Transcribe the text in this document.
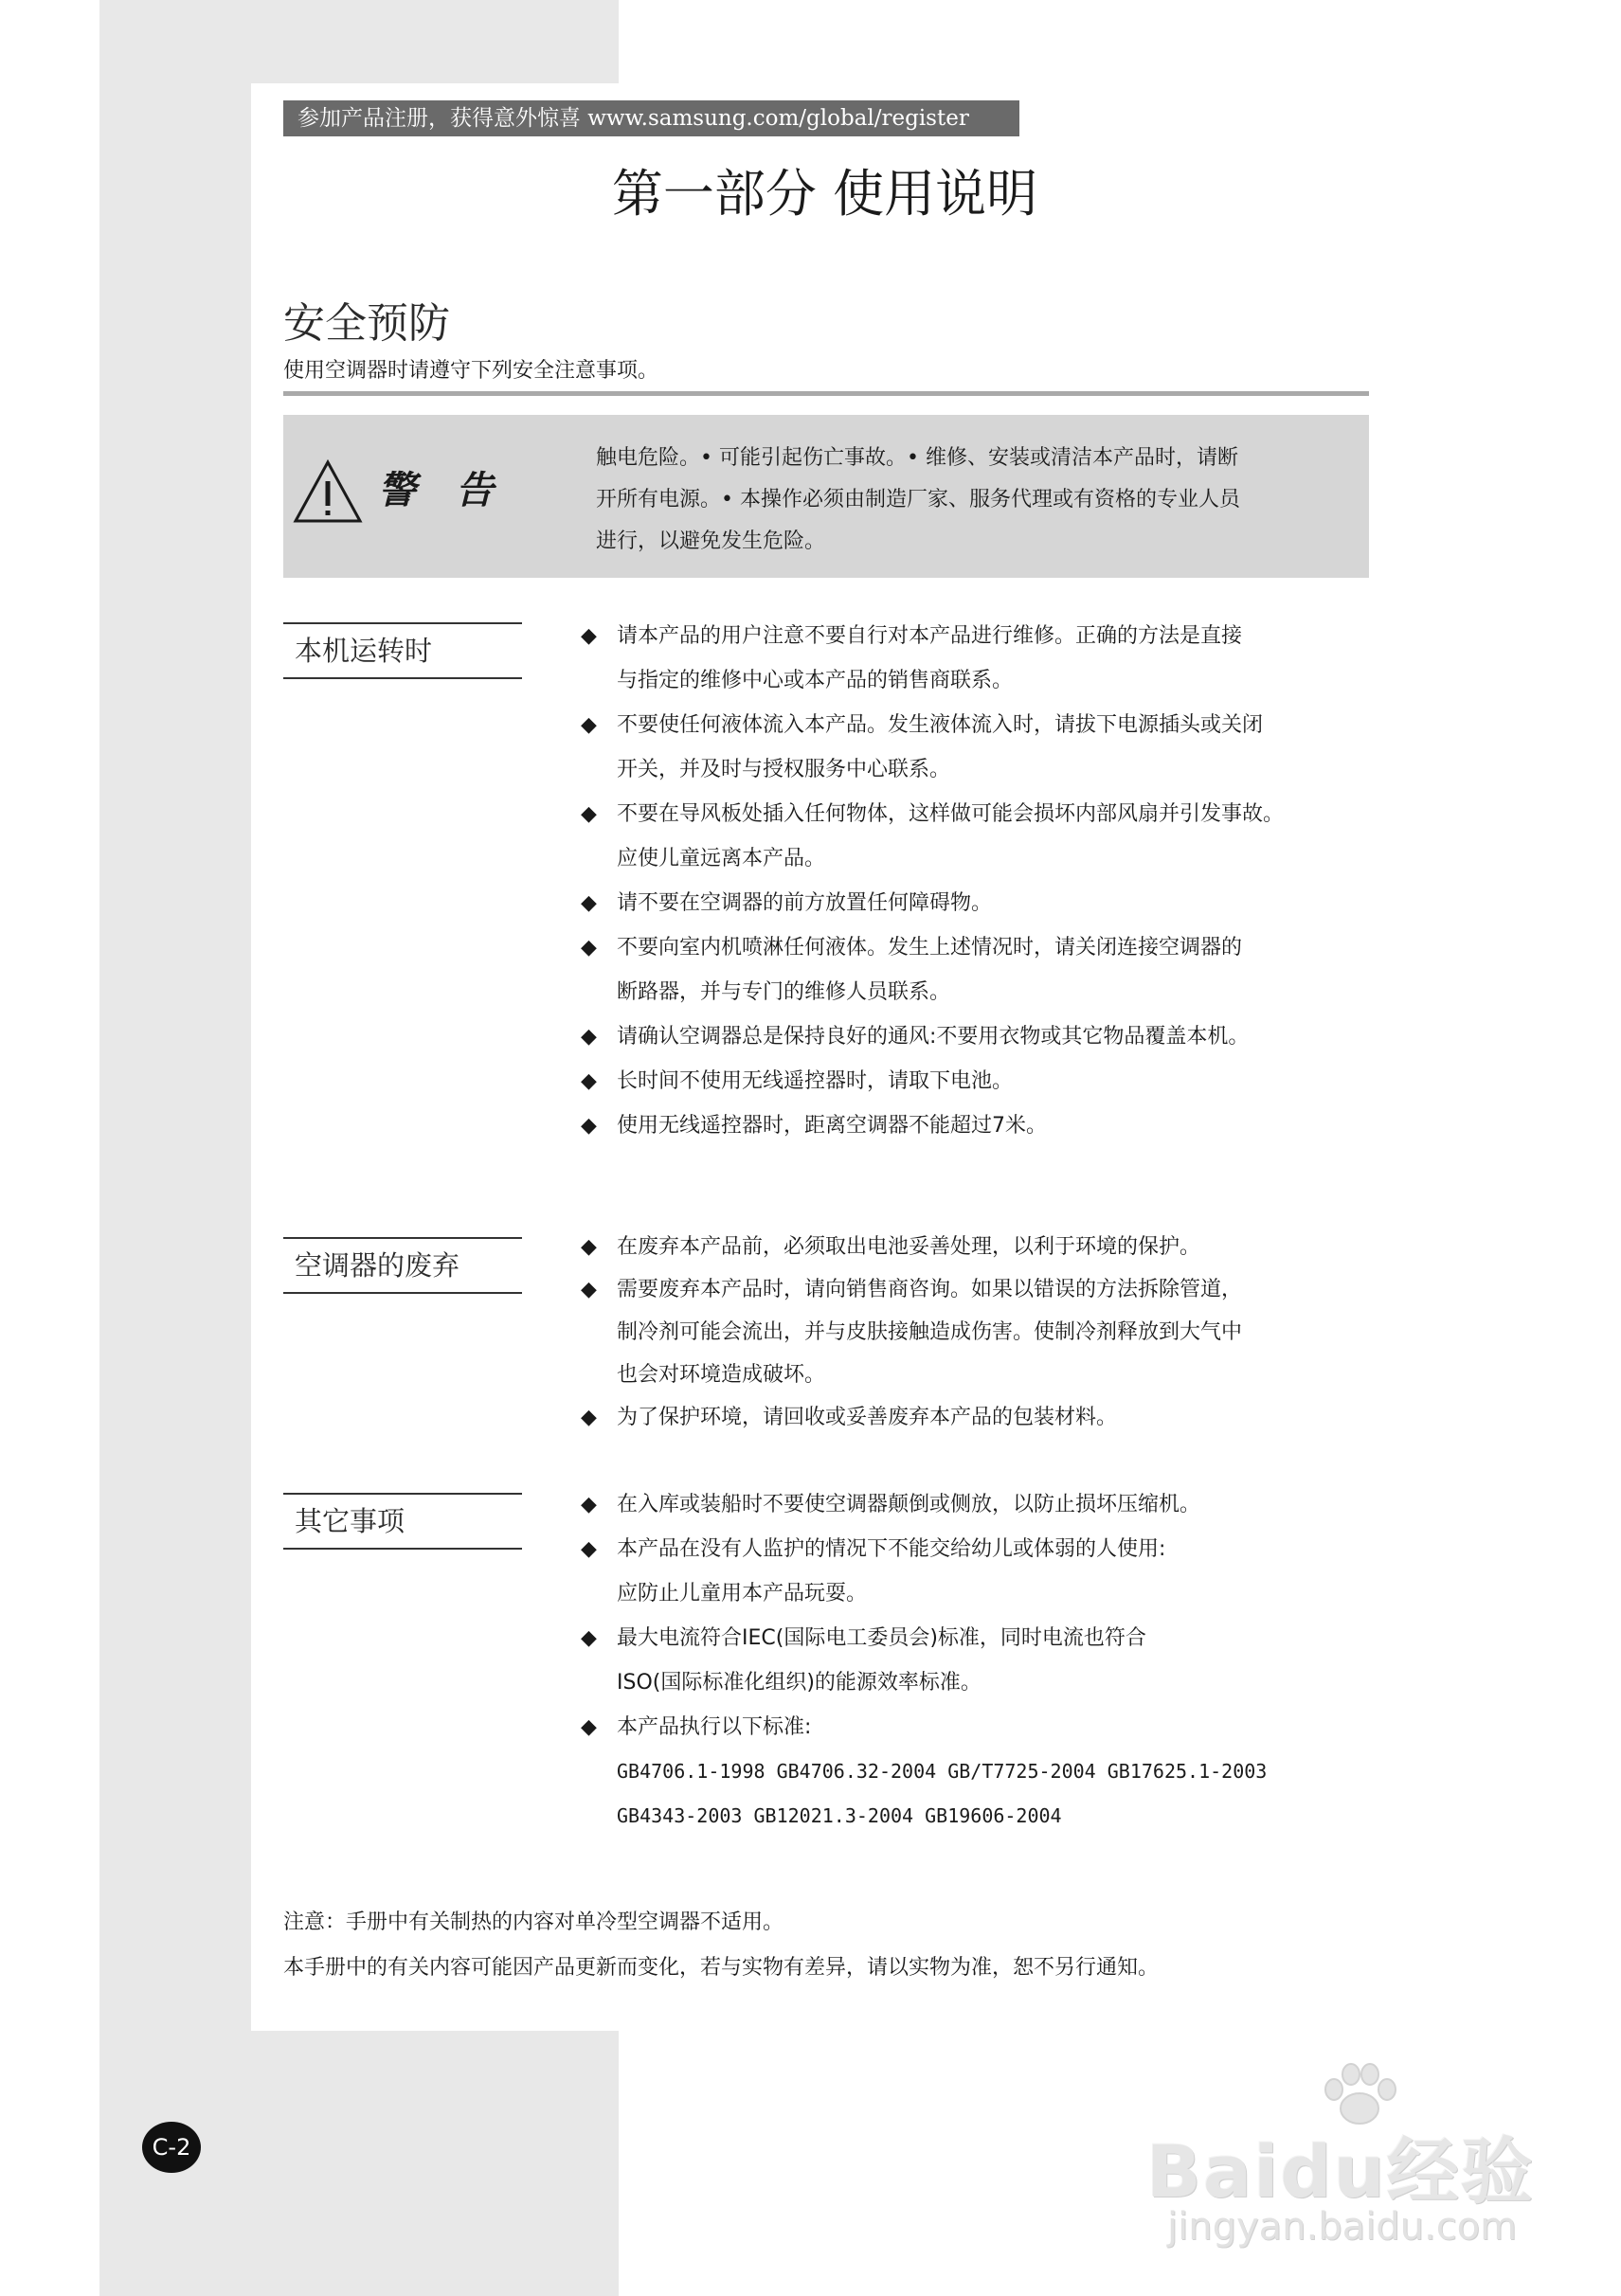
参加产品注册，获得意外惊喜 www.samsung.com/global/register
第一部分 使用说明
安全预防
使用空调器时请遵守下列安全注意事项。
警 告
触电危险。• 可能引起伤亡事故。• 维修、安装或清洁本产品时，请断
开所有电源。• 本操作必须由制造厂家、服务代理或有资格的专业人员
进行，以避免发生危险。
本机运转时	◆ 请本产品的用户注意不要自行对本产品进行维修。正确的方法是直接
与指定的维修中心或本产品的销售商联系。
◆ 不要使任何液体流入本产品。发生液体流入时，请拔下电源插头或关闭
开关，并及时与授权服务中心联系。
◆ 不要在导风板处插入任何物体，这样做可能会损坏内部风扇并引发事故。
应使儿童远离本产品。
◆ 请不要在空调器的前方放置任何障碍物。
◆ 不要向室内机喷淋任何液体。发生上述情况时，请关闭连接空调器的
断路器，并与专门的维修人员联系。
◆ 请确认空调器总是保持良好的通风:不要用衣物或其它物品覆盖本机。
◆ 长时间不使用无线遥控器时，请取下电池。
◆ 使用无线遥控器时，距离空调器不能超过7米。
空调器的废弃
◆ 在废弃本产品前，必须取出电池妥善处理，以利于环境的保护。
◆ 需要废弃本产品时，请向销售商咨询。如果以错误的方法拆除管道，
制冷剂可能会流出，并与皮肤接触造成伤害。使制冷剂释放到大气中
也会对环境造成破坏。
◆ 为了保护环境，请回收或妥善废弃本产品的包装材料。
其它事项
◆ 在入库或装船时不要使空调器颠倒或侧放，以防止损坏压缩机。
◆ 本产品在没有人监护的情况下不能交给幼儿或体弱的人使用:
应防止儿童用本产品玩耍。
◆ 最大电流符合IEC(国际电工委员会)标准，同时电流也符合
ISO(国际标准化组织)的能源效率标准。
◆ 本产品执行以下标准:
GB4706.1-1998 GB4706.32-2004 GB/T7725-2004 GB17625.1-2003
GB4343-2003 GB12021.3-2004 GB19606-2004
注意：手册中有关制热的内容对单冷型空调器不适用。
本手册中的有关内容可能因产品更新而变化，若与实物有差异，请以实物为准，恕不另行通知。
C-2	Baidu经验
jingyan.baidu.com
